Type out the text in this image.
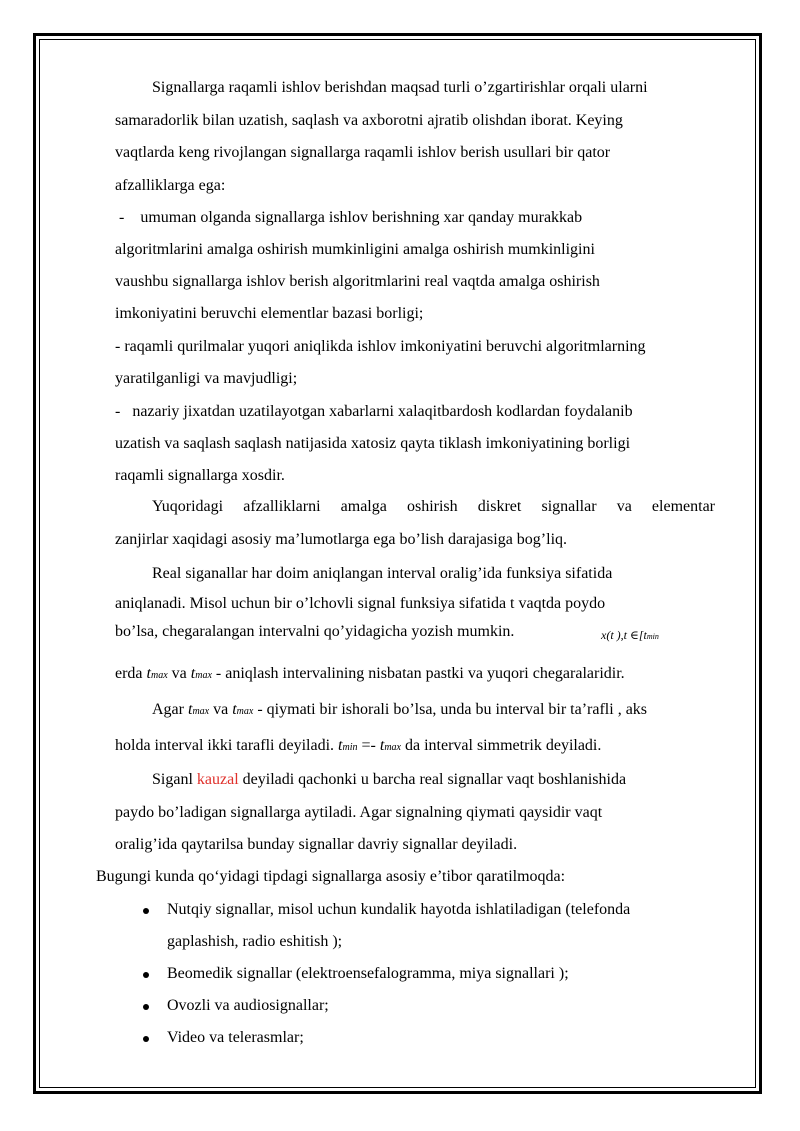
Signallarga raqamli ishlov berishdan maqsad turli o’zgartirishlar orqali ularni
samaradorlik bilan uzatish, saqlash va axborotni ajratib olishdan iborat. Keying
vaqtlarda keng rivojlangan signallarga raqamli ishlov berish usullari bir qator
afzalliklarga ega:
-    umuman olganda signallarga ishlov berishning xar qanday murakkab
algoritmlarini amalga oshirish mumkinligini amalga oshirish mumkinligini
vaushbu signallarga ishlov berish algoritmlarini real vaqtda amalga oshirish
imkoniyatini beruvchi elementlar bazasi borligi;
- raqamli qurilmalar yuqori aniqlikda ishlov imkoniyatini beruvchi algoritmlarning
yaratilganligi va mavjudligi;
-   nazariy jixatdan uzatilayotgan xabarlarni xalaqitbardosh kodlardan foydalanib
uzatish va saqlash saqlash natijasida xatosiz qayta tiklash imkoniyatining borligi
raqamli signallarga xosdir.
Yuqoridagi afzalliklarni amalga oshirish diskret signallar va elementar
zanjirlar xaqidagi asosiy ma’lumotlarga ega bo’lish darajasiga bog’liq.
Real siganallar har doim aniqlangan interval oralig’ida funksiya sifatida
aniqlanadi. Misol uchun bir o’lchovli signal funksiya sifatida t vaqtda poydo
bo’lsa, chegaralangan intervalni qo’yidagicha yozish mumkin.	x(t ),t ∈[tmin
erda tmax va tmax - aniqlash intervalining nisbatan pastki va yuqori chegaralaridir.
Agar tmax va tmax - qiymati bir ishorali bo’lsa, unda bu interval bir ta’rafli , aks
holda interval ikki tarafli deyiladi. tmin =- tmax da interval simmetrik deyiladi.
Siganl kauzal deyiladi qachonki u barcha real signallar vaqt boshlanishida
paydo bo’ladigan signallarga aytiladi. Agar signalning qiymati qaysidir vaqt
oralig’ida qaytarilsa bunday signallar davriy signallar deyiladi.
Bugungi kunda qo‘yidagi tipdagi signallarga asosiy e’tibor qaratilmoqda:
Nutqiy signallar, misol uchun kundalik hayotda ishlatiladigan (telefonda
gaplashish, radio eshitish );
Beomedik signallar (elektroensefalogramma, miya signallari );
Ovozli va audiosignallar;
Video va telerasmlar;
